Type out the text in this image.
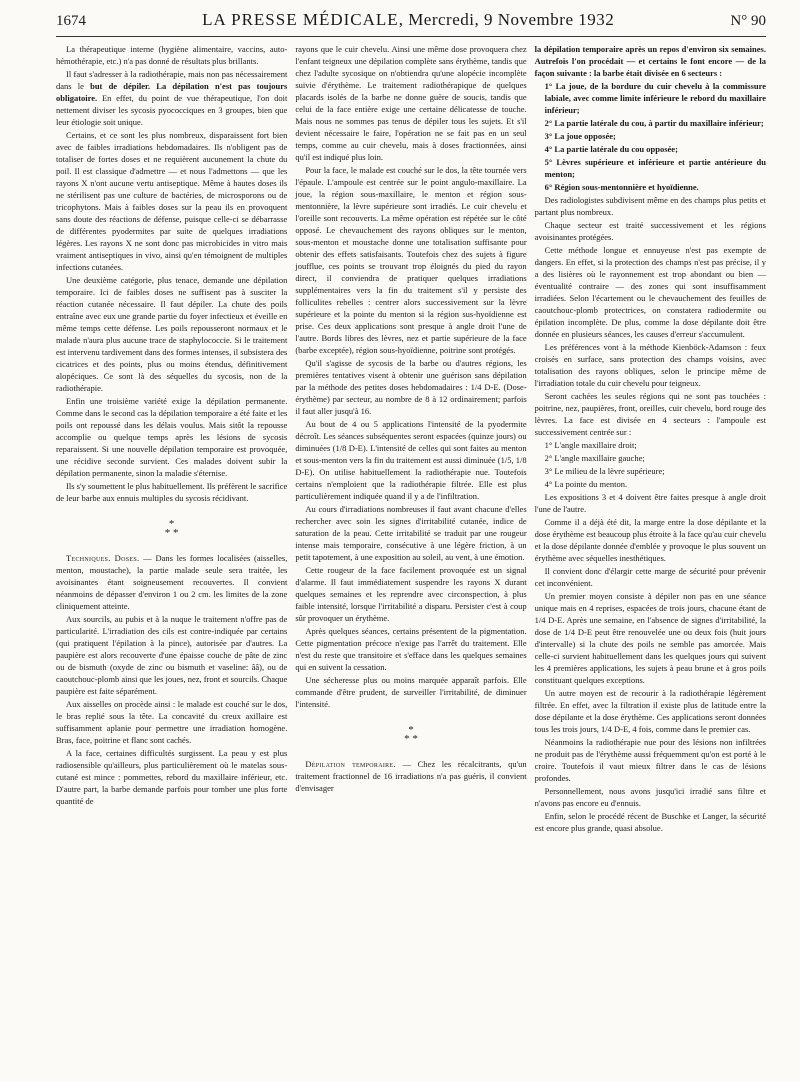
1674	LA PRESSE MÉDICALE, Mercredi, 9 Novembre 1932	N° 90

La thérapeutique interne (hygiène alimentaire, vaccins, auto-hémothérapie, etc.) n'a pas donné de résultats plus brillants.

Il faut s'adresser à la radiothérapie, mais non pas nécessairement dans le but de dépiler. La dépilation n'est pas toujours obligatoire. En effet, du point de vue thérapeutique, l'on doit nettement diviser les sycosis pyococciques en 3 groupes, bien que leur étiologie soit unique.

Certains, et ce sont les plus nombreux, disparaissent fort bien avec de faibles irradiations hebdomadaires. Ils n'obligent pas de totaliser de fortes doses et ne requièrent aucunement la chute du poil. Il est classique d'admettre — et nous l'admettons — que les rayons X n'ont aucune vertu antiseptique. Même à hautes doses ils ne stérilisent pas une culture de bactéries, de microsporons ou de tricophytons. Mais à faibles doses sur la peau ils en provoquent sans doute des réactions de défense, puisque celle-ci se débarrasse de différentes pyodermites par suite de quelques irradiations légères. Les rayons X ne sont donc pas microbicides in vitro mais vraiment antiseptiques in vivo, ainsi qu'en témoignent de multiples infections cutanées.

Une deuxième catégorie, plus tenace, demande une dépilation temporaire. Ici de faibles doses ne suffisent pas à susciter la réaction cutanée nécessaire. Il faut dépiler. La chute des poils entraîne avec eux une grande partie du foyer infectieux et éveille en même temps cette défense. Les poils repousseront normaux et le malade n'aura plus aucune trace de staphylococcie. Si le traitement est intervenu tardivement dans des formes intenses, il subsistera des cicatrices et des points, plus ou moins étendus, définitivement alopéciques. Ce sont là des séquelles du sycosis, non de la radiothérapie.

Enfin une troisième variété exige la dépilation permanente. Comme dans le second cas la dépilation temporaire a été faite et les poils ont repoussé dans les délais voulus. Mais sitôt la repousse accomplie ou quelque temps après les lésions de sycosis reparaissent. Si une nouvelle dépilation temporaire est provoquée, une récidive seconde survient. Ces malades doivent subir la dépilation permanente, sinon la maladie s'éternise.

Ils s'y soumettent le plus habituellement. Ils préfèrent le sacrifice de leur barbe aux ennuis multiples du sycosis récidivant.

*
* *

Techniques. Doses. — Dans les formes localisées (aisselles, menton, moustache), la partie malade seule sera traitée, les avoisinantes étant soigneusement recouvertes. Il convient néanmoins de dépasser d'environ 1 ou 2 cm. les limites de la zone cliniquement atteinte.

Aux sourcils, au pubis et à la nuque le traitement n'offre pas de particularité. L'irradiation des cils est contre-indiquée par certains (qui pratiquent l'épilation à la pince), autorisée par d'autres. La paupière est alors recouverte d'une épaisse couche de pâte de zinc ou de bismuth (oxyde de zinc ou bismuth et vaseline: ââ), ou de caoutchouc-plomb ainsi que les joues, nez, front et sourcils. Chaque paupière est faite séparément.

Aux aisselles on procède ainsi : le malade est couché sur le dos, le bras replié sous la tête. La concavité du creux axillaire est suffisamment aplanie pour permettre une irradiation homogène. Bras, face, poitrine et flanc sont cachés.

A la face, certaines difficultés surgissent. La peau y est plus radiosensible qu'ailleurs, plus particulièrement où le matelas sous-cutané est mince : pommettes, rebord du maxillaire inférieur, etc. D'autre part, la barbe demande parfois pour tomber une plus forte quantité de

rayons que le cuir chevelu. Ainsi une même dose provoquera chez l'enfant teigneux une dépilation complète sans érythème, tandis que chez l'adulte sycosique on n'obtiendra qu'une alopécie incomplète suivie d'érythème. Le traitement radiothérapique de quelques placards isolés de la barbe ne donne guère de soucis, tandis que celui de la face entière exige une certaine délicatesse de touche. Mais nous ne sommes pas tenus de dépiler tous les sujets. Et s'il devient nécessaire le faire, l'opération ne se fait pas en un seul temps, comme au cuir chevelu, mais à doses fractionnées, ainsi qu'il est indiqué plus loin.

Pour la face, le malade est couché sur le dos, la tête tournée vers l'épaule. L'ampoule est centrée sur le point angulo-maxillaire. La joue, la région sous-maxillaire, le menton et région sous-mentonnière, la lèvre supérieure sont irradiés. Le cuir chevelu et l'oreille sont recouverts. La même opération est répétée sur le côté opposé. Le chevauchement des rayons obliques sur le menton, sous-menton et moustache donne une totalisation suffisante pour obtenir des effets satisfaisants. Toutefois chez des sujets à figure joufflue, ces points se trouvant trop éloignés du pied du rayon direct, il conviendra de pratiquer quelques irradiations supplémentaires vers la fin du traitement s'il y persiste des folliculites rebelles : centrer alors successivement sur la lèvre supérieure et la pointe du menton si la région sus-hyoïdienne est prise. Ces deux applications sont presque à angle droit l'une de l'autre. Bords libres des lèvres, nez et partie supérieure de la face (barbe exceptée), région sous-hyoïdienne, poitrine sont protégés.

Qu'il s'agisse de sycosis de la barbe ou d'autres régions, les premières tentatives visent à obtenir une guérison sans dépilation par la méthode des petites doses hebdomadaires : 1/4 D-E. (Dose-érythème) par secteur, au nombre de 8 à 12 ordinairement; parfois il faut aller jusqu'à 16.

Au bout de 4 ou 5 applications l'intensité de la pyodermite décroît. Les séances subséquentes seront espacées (quinze jours) ou diminuées (1/8 D-E). L'intensité de celles qui sont faites au menton et sous-menton vers la fin du traitement est aussi diminuée (1/5, 1/8 D-E). On utilise habituellement la radiothérapie nue. Toutefois certains n'emploient que la radiothérapie filtrée. Elle est plus particulièrement indiquée quand il y a de l'infiltration.

Au cours d'irradiations nombreuses il faut avant chacune d'elles rechercher avec soin les signes d'irritabilité cutanée, indice de saturation de la peau. Cette irritabilité se traduit par une rougeur intense mais temporaire, consécutive à une légère friction, à un petit tapotement, à une exposition au soleil, au vent, à une émotion.

Cette rougeur de la face facilement provoquée est un signal d'alarme. Il faut immédiatement suspendre les rayons X durant quelques semaines et les reprendre avec circonspection, à plus faible intensité, lorsque l'irritabilité a disparu. Persister c'est à coup sûr provoquer un érythème.

Après quelques séances, certains présentent de la pigmentation. Cette pigmentation précoce n'exige pas l'arrêt du traitement. Elle n'est du reste que transitoire et s'efface dans les quelques semaines qui en suivent la cessation.

Une sécheresse plus ou moins marquée apparaît parfois. Elle commande d'être prudent, de surveiller l'irritabilité, de diminuer l'intensité.

*
* *

Dépilation temporaire. — Chez les récalcitrants, qu'un traitement fractionnel de 16 irradiations n'a pas guéris, il convient d'envisager

la dépilation temporaire après un repos d'environ six semaines. Autrefois l'on procédait — et certains le font encore — de la façon suivante : la barbe était divisée en 6 secteurs :

1° La joue, de la bordure du cuir chevelu à la commissure labiale, avec comme limite inférieure le rebord du maxillaire inférieur;

2° La partie latérale du cou, à partir du maxillaire inférieur;

3° La joue opposée;

4° La partie latérale du cou opposée;

5° Lèvres supérieure et inférieure et partie antérieure du menton;

6° Région sous-mentonnière et hyoïdienne.

Des radiologistes subdivisent même en des champs plus petits et partant plus nombreux.

Chaque secteur est traité successivement et les régions avoisinantes protégées.

Cette méthode longue et ennuyeuse n'est pas exempte de dangers. En effet, si la protection des champs n'est pas précise, il y a des lisières où le rayonnement est trop abondant ou bien — éventualité contraire — des zones qui sont insuffisamment irradiées. Selon l'écartement ou le chevauchement des feuilles de caoutchouc-plomb protectrices, on constatera radiodermite ou épilation incomplète. De plus, comme la dose dépilante doit être donnée en plusieurs séances, les causes d'erreur s'accumulent.

Les préférences vont à la méthode Kienböck-Adamson : feux croisés en surface, sans protection des champs voisins, avec totalisation des rayons obliques, selon le principe même de l'irradiation totale du cuir chevelu pour teigneux.

Seront cachées les seules régions qui ne sont pas touchées : poitrine, nez, paupières, front, oreilles, cuir chevelu, bord rouge des lèvres. La face est divisée en 4 secteurs : l'ampoule est successivement centrée sur :

1° L'angle maxillaire droit;

2° L'angle maxillaire gauche;

3° Le milieu de la lèvre supérieure;

4° La pointe du menton.

Les expositions 3 et 4 doivent être faites presque à angle droit l'une de l'autre.

Comme il a déjà été dit, la marge entre la dose dépilante et la dose érythème est beaucoup plus étroite à la face qu'au cuir chevelu et la dose dépilante donnée d'emblée y provoque le plus souvent un érythème avec séquelles inesthétiques.

Il convient donc d'élargir cette marge de sécurité pour prévenir cet inconvénient.

Un premier moyen consiste à dépiler non pas en une séance unique mais en 4 reprises, espacées de trois jours, chacune étant de 1/4 D-E. Après une semaine, en l'absence de signes d'irritabilité, la dose de 1/4 D-E peut être renouvelée une ou deux fois (huit jours d'intervalle) si la chute des poils ne semble pas amorcée. Mais celle-ci survient habituellement dans les quelques jours qui suivent les 4 premières applications, les sujets à peau brune et à gros poils constituant quelques exceptions.

Un autre moyen est de recourir à la radiothérapie légèrement filtrée. En effet, avec la filtration il existe plus de latitude entre la dose dépilante et la dose érythème. Ces applications seront données tous les trois jours, 1/4 D-E, 4 fois, comme dans le premier cas.

Néanmoins la radiothérapie nue pour des lésions non infiltrées ne produit pas de l'érythème aussi fréquemment qu'on est porté à le croire. Toutefois il vaut mieux filtrer dans le cas de lésions profondes.

Personnellement, nous avons jusqu'ici irradié sans filtre et n'avons pas encore eu d'ennuis.

Enfin, selon le procédé récent de Buschke et Langer, la sécurité est encore plus grande, quasi absolue.
